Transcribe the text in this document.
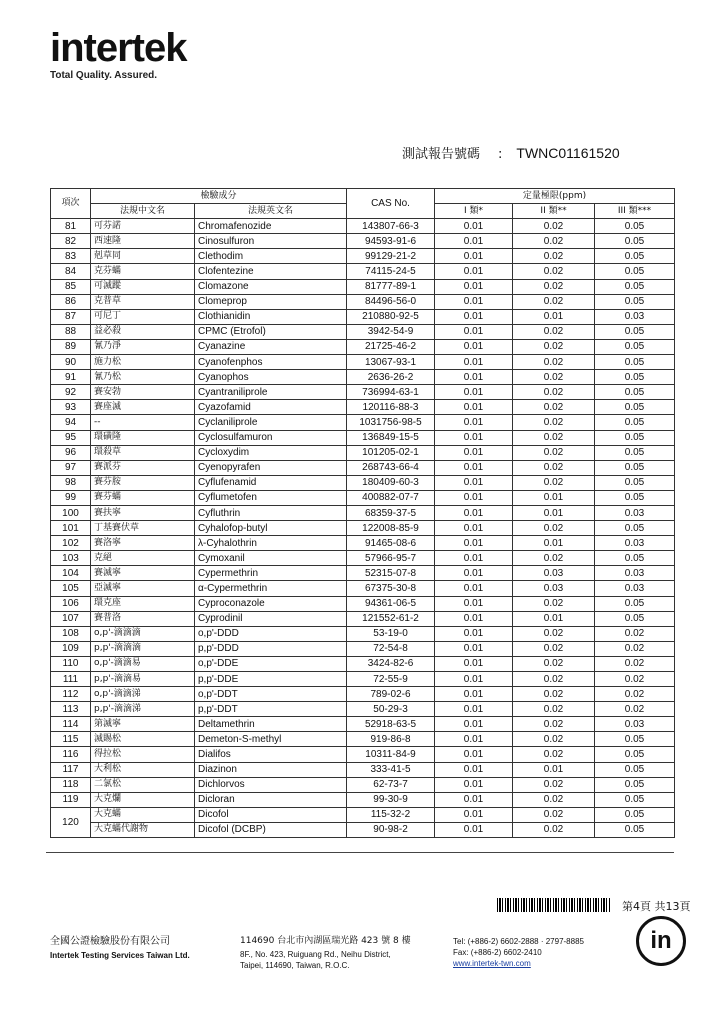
intertek
Total Quality. Assured.
測試報告號碼 : TWNC01161520
項次	檢驗成分		CAS No.	定量極限(ppm)		
	法規中文名	法規英文名		I 類*	II 類**	III 類***
81	可芬諾	Chromafenozide	143807-66-3	0.01	0.02	0.05
82	西速隆	Cinosulfuron	94593-91-6	0.01	0.02	0.05
83	剋草同	Clethodim	99129-21-2	0.01	0.02	0.05
84	克芬蟎	Clofentezine	74115-24-5	0.01	0.02	0.05
85	可滅蹤	Clomazone	81777-89-1	0.01	0.02	0.05
86	克普草	Clomeprop	84496-56-0	0.01	0.02	0.05
87	可尼丁	Clothianidin	210880-92-5	0.01	0.01	0.03
88	益必殺	CPMC (Etrofol)	3942-54-9	0.01	0.02	0.05
89	氰乃淨	Cyanazine	21725-46-2	0.01	0.02	0.05
90	施力松	Cyanofenphos	13067-93-1	0.01	0.02	0.05
91	氰乃松	Cyanophos	2636-26-2	0.01	0.02	0.05
92	賽安勃	Cyantraniliprole	736994-63-1	0.01	0.02	0.05
93	賽座滅	Cyazofamid	120116-88-3	0.01	0.02	0.05
94	--	Cyclaniliprole	1031756-98-5	0.01	0.02	0.05
95	環磺隆	Cyclosulfamuron	136849-15-5	0.01	0.02	0.05
96	環殺草	Cycloxydim	101205-02-1	0.01	0.02	0.05
97	賽派芬	Cyenopyrafen	268743-66-4	0.01	0.02	0.05
98	賽芬胺	Cyflufenamid	180409-60-3	0.01	0.02	0.05
99	賽芬蟎	Cyflumetofen	400882-07-7	0.01	0.01	0.05
100	賽扶寧	Cyfluthrin	68359-37-5	0.01	0.01	0.03
101	丁基賽伏草	Cyhalofop-butyl	122008-85-9	0.01	0.02	0.05
102	賽洛寧	λ-Cyhalothrin	91465-08-6	0.01	0.01	0.03
103	克絕	Cymoxanil	57966-95-7	0.01	0.02	0.05
104	賽滅寧	Cypermethrin	52315-07-8	0.01	0.03	0.03
105	亞滅寧	α-Cypermethrin	67375-30-8	0.01	0.03	0.03
106	環克座	Cyproconazole	94361-06-5	0.01	0.02	0.05
107	賽普洛	Cyprodinil	121552-61-2	0.01	0.01	0.05
108	o,p'-滴滴滴	o,p'-DDD	53-19-0	0.01	0.02	0.02
109	p,p'-滴滴滴	p,p'-DDD	72-54-8	0.01	0.02	0.02
110	o,p'-滴滴易	o,p'-DDE	3424-82-6	0.01	0.02	0.02
111	p,p'-滴滴易	p,p'-DDE	72-55-9	0.01	0.02	0.02
112	o,p'-滴滴涕	o,p'-DDT	789-02-6	0.01	0.02	0.02
113	p,p'-滴滴涕	p,p'-DDT	50-29-3	0.01	0.02	0.02
114	第滅寧	Deltamethrin	52918-63-5	0.01	0.02	0.03
115	滅賜松	Demeton-S-methyl	919-86-8	0.01	0.02	0.05
116	得拉松	Dialifos	10311-84-9	0.01	0.02	0.05
117	大利松	Diazinon	333-41-5	0.01	0.01	0.05
118	二氯松	Dichlorvos	62-73-7	0.01	0.02	0.05
119	大克爛	Dicloran	99-30-9	0.01	0.02	0.05
120	大克蟎	Dicofol	115-32-2	0.01	0.02	0.05
	大克蟎代謝物	Dicofol (DCBP)	90-98-2	0.01	0.02	0.05
第4頁 共13頁
全國公證檢驗股份有限公司
Intertek Testing Services Taiwan Ltd.
114690 台北市內湖區瑞光路 423 號 8 樓
8F., No. 423, Ruiguang Rd., Neihu District,
Taipei, 114690, Taiwan, R.O.C.
Tel: (+886-2) 6602-2888 · 2797-8885
Fax: (+886-2) 6602-2410
www.intertek-twn.com
in
